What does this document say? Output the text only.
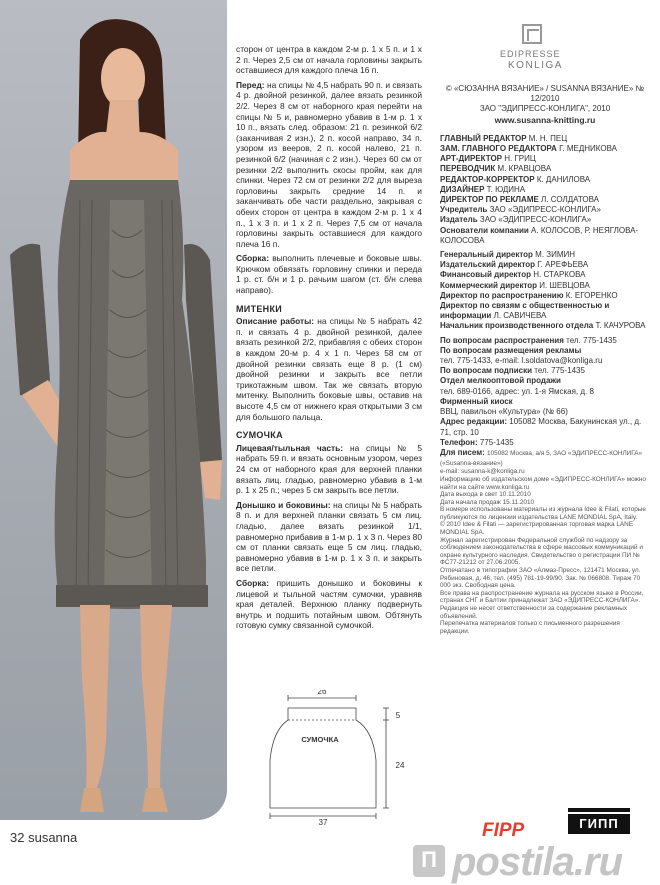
32 susanna

сторон от центра в каждом 2-м р. 1 х 5 п. и 1 х 2 п. Через 2,5 см от начала горловины закрыть оставшиеся для каждого плеча 16 п.

Перед: на спицы № 4,5 набрать 90 п. и связать 4 р. двойной резинкой, далее вязать резинкой 2/2. Через 8 см от наборного края перейти на спицы № 5 и, равномерно убавив в 1-м р. 1 х 10 п., вязать след. образом: 21 п. резинкой 6/2 (заканчивая 2 изн.), 2 п. косой направо, 34 п. узором из вееров, 2 п. косой налево, 21 п. резинкой 6/2 (начиная с 2 изн.). Через 60 см от резинки 2/2 выполнить скосы пройм, как для спинки. Через 72 см от резинки 2/2 для выреза горловины закрыть средние 14 п. и заканчивать обе части раздельно, закрывая с обеих сторон от центра в каждом 2-м р. 1 х 4 п., 1 х 3 п. и 1 х 2 п. Через 7,5 см от начала горловины закрыть оставшиеся для каждого плеча 16 п.

Сборка: выполнить плечевые и боковые швы. Крючком обвязать горловину спинки и переда 1 р. ст. б/н и 1 р. рачьим шагом (ст. б/н слева направо).

МИТЕНКИ

Описание работы: на спицы № 5 набрать 42 п. и связать 4 р. двойной резинкой, далее вязать резинкой 2/2, прибавляя с обеих сторон в каждом 20-м р. 4 х 1 п. Через 58 см от двойной резинки связать еще 8 р. (1 см) двойной резинки и закрыть все петли трикотажным швом. Так же связать вторую митенку. Выполнить боковые швы, оставив на высоте 4,5 см от нижнего края открытыми 3 см для большого пальца.

СУМОЧКА

Лицевая/тыльная часть: на спицы № 5 набрать 59 п. и вязать основным узором, через 24 см от наборного края для верхней планки вязать лиц. гладью, равномерно убавив в 1-м р. 1 х 25 п.; через 5 см закрыть все петли.

Донышко и боковины: на спицы № 5 набрать 8 п. и для верхней планки связать 5 см лиц. гладью, далее вязать резинкой 1/1, равномерно прибавив в 1-м р. 1 х 3 п. Через 80 см от планки связать еще 5 см лиц. гладью, равномерно убавив в 1-м р. 1 х 3 п. и закрыть все петли.

Сборка: пришить донышко и боковины к лицевой и тыльной частям сумочки, уравняв края деталей. Верхнюю планку подвернуть внутрь и подшить потайным швом. Обтянуть готовую сумку связанной сумочкой.

26
5
24
37
СУМОЧКА
EDIPRESSE
KONLIGA
© «СЮЗАННА ВЯЗАНИЕ» / SUSANNA ВЯЗАНИЕ» № 12/2010
ЗАО "ЭДИПРЕСС-КОНЛИГА", 2010
www.susanna-knitting.ru

ГЛАВНЫЙ РЕДАКТОР М. Н. ПЕЦ

ЗАМ. ГЛАВНОГО РЕДАКТОРА Г. МЕДНИКОВА

АРТ-ДИРЕКТОР Н. ГРИЦ

ПЕРЕВОДЧИК М. КРАВЦОВА

РЕДАКТОР-КОРРЕКТОР К. ДАНИЛОВА

ДИЗАЙНЕР Т. ЮДИНА

ДИРЕКТОР ПО РЕКЛАМЕ Л. СОЛДАТОВА

Учредитель ЗАО «ЭДИПРЕСС-КОНЛИГА»

Издатель ЗАО «ЭДИПРЕСС-КОНЛИГА»

Основатели компании А. КОЛОСОВ, Р. НЕЯГЛОВА-КОЛОСОВА

Генеральный директор М. ЗИМИН

Издательский директор Г. АРЕФЬЕВА

Финансовый директор Н. СТАРКОВА

Коммерческий директор И. ШЕВЦОВА

Директор по распространению К. ЕГОРЕНКО

Директор по связям с общественностью и информации Л. САВИЧЕВА

Начальник производственного отдела Т. КАЧУРОВА

По вопросам распространения тел. 775-1435

По вопросам размещения рекламы
тел. 775-1433, e-mail: l.soldatova@konliga.ru

По вопросам подписки тел. 775-1435

Отдел мелкооптовой продажи
тел. 689-0166, адрес: ул. 1-я Ямская, д. 8

Фирменный киоск
ВВЦ, павильон «Культура» (№ 66)

Адрес редакции: 105082 Москва, Бакунинская ул., д. 71, стр. 10

Телефон: 775-1435

Для писем: 105082 Москва, а/я 5, ЗАО «ЭДИПРЕСС-КОНЛИГА» («Susanna-вязание»)

e-mail: susanna-k@konliga.ru

Информацию об издательском доме «ЭДИПРЕСС-КОНЛИГА» можно найти на сайте www.konliga.ru

Дата выхода в свет 10.11.2010

Дата начала продаж 15.11.2010

В номере использованы материалы из журнала Idee & Filati, которые публикуются по лицензии издательства LANE MONDIAL SpA, Italy.

© 2010 Idee & Filati — зарегистрированная торговая марка LANE MONDIAL SpA.

Журнал зарегистрирован Федеральной службой по надзору за соблюдением законодательства в сфере массовых коммуникаций и охране культурного наследия. Свидетельство о регистрации ПИ № ФС77-21212 от 27.06.2005.

Отпечатано в типографии ЗАО «Алмаз-Пресс», 121471 Москва, ул. Рябиновая, д. 46, тел. (495) 781-19-99/90. Зак. № 066808. Тираж 70 000 экз. Свободная цена.

Все права на распространение журнала на русском языке в России, странах СНГ и Балтии принадлежат ЗАО «ЭДИПРЕСС-КОНЛИГА».

Редакция не несет ответственности за содержание рекламных объявлений.

Перепечатка материалов только с письменного разрешения редакции.

FIPP	ГИПП
П postila.ru
